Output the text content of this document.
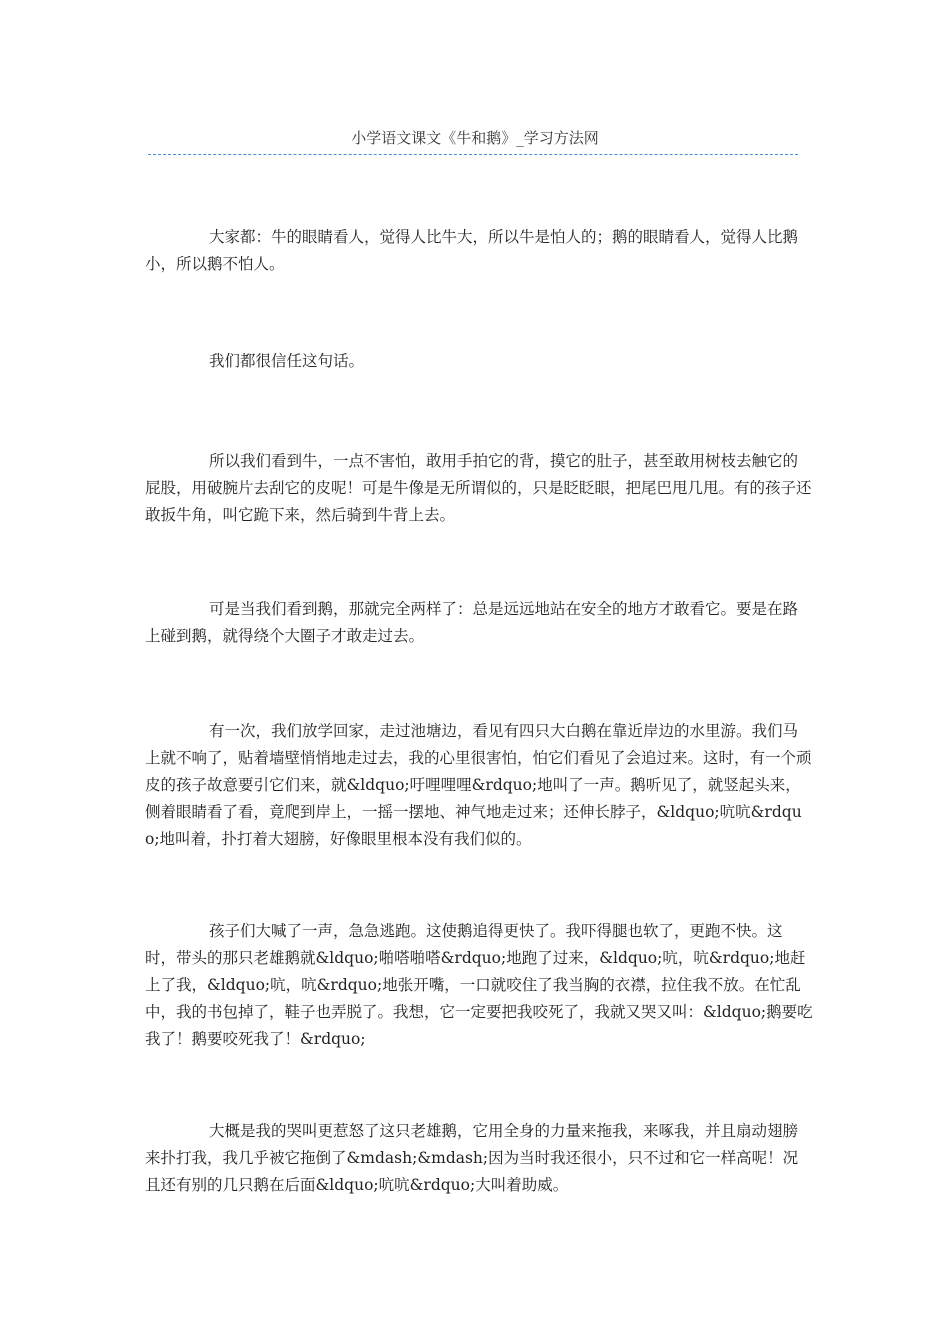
小学语文课文《牛和鹅》_学习方法网

大家都：牛的眼睛看人，觉得人比牛大，所以牛是怕人的；鹅的眼睛看人，觉得人比鹅小，所以鹅不怕人。

我们都很信任这句话。

所以我们看到牛，一点不害怕，敢用手拍它的背，摸它的肚子，甚至敢用树枝去触它的屁股，用破腕片去刮它的皮呢！可是牛像是无所谓似的，只是眨眨眼，把尾巴甩几甩。有的孩子还敢扳牛角，叫它跪下来，然后骑到牛背上去。

可是当我们看到鹅，那就完全两样了：总是远远地站在安全的地方才敢看它。要是在路上碰到鹅，就得绕个大圈子才敢走过去。

有一次，我们放学回家，走过池塘边，看见有四只大白鹅在靠近岸边的水里游。我们马上就不响了，贴着墙壁悄悄地走过去，我的心里很害怕，怕它们看见了会追过来。这时，有一个顽皮的孩子故意要引它们来，就&ldquo;吁哩哩哩&rdquo;地叫了一声。鹅听见了，就竖起头来，侧着眼睛看了看，竟爬到岸上，一摇一摆地、神气地走过来；还伸长脖子，&ldquo;吭吭&rdquo;地叫着，扑打着大翅膀，好像眼里根本没有我们似的。

孩子们大喊了一声，急急逃跑。这使鹅追得更快了。我吓得腿也软了，更跑不快。这时，带头的那只老雄鹅就&ldquo;啪嗒啪嗒&rdquo;地跑了过来，&ldquo;吭，吭&rdquo;地赶上了我，&ldquo;吭，吭&rdquo;地张开嘴，一口就咬住了我当胸的衣襟，拉住我不放。在忙乱中，我的书包掉了，鞋子也弄脱了。我想，它一定要把我咬死了，我就又哭又叫：&ldquo;鹅要吃我了！鹅要咬死我了！&rdquo;

大概是我的哭叫更惹怒了这只老雄鹅，它用全身的力量来拖我，来啄我，并且扇动翅膀来扑打我，我几乎被它拖倒了&mdash;&mdash;因为当时我还很小，只不过和它一样高呢！况且还有别的几只鹅在后面&ldquo;吭吭&rdquo;大叫着助威。
